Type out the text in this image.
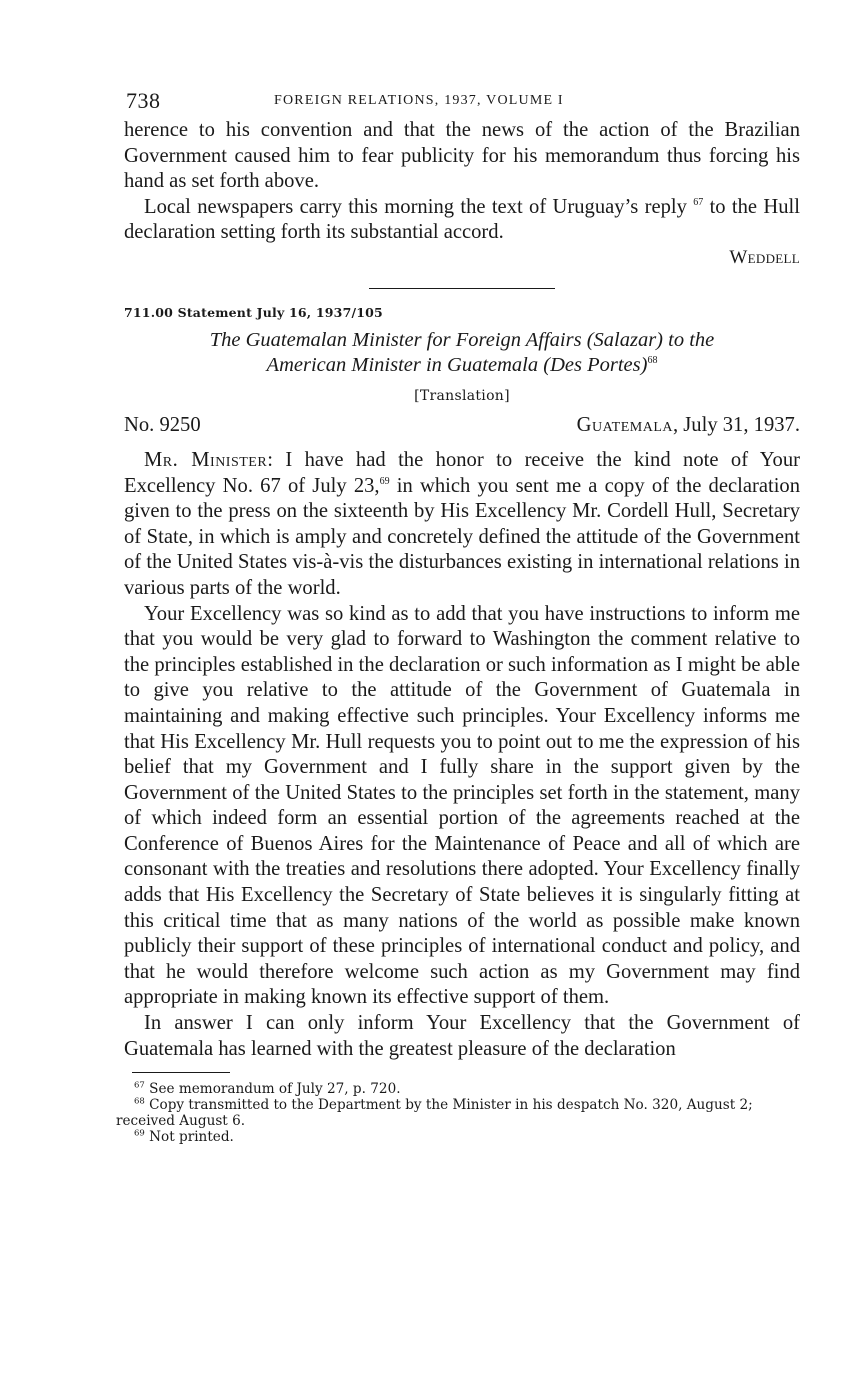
738	FOREIGN RELATIONS, 1937, VOLUME I

herence to his convention and that the news of the action of the Brazilian Government caused him to fear publicity for his memorandum thus forcing his hand as set forth above.

Local newspapers carry this morning the text of Uruguay’s reply $^{67}$ to the Hull declaration setting forth its substantial accord.

Weddell
711.00 Statement July 16, 1937/105
The Guatemalan Minister for Foreign Affairs (Salazar) to the
American Minister in Guatemala (Des Portes)$^{68}$
[Translation]
No. 9250	Guatemala, July 31, 1937.

Mr. Minister: I have had the honor to receive the kind note of Your Excellency No. 67 of July 23,69 in which you sent me a copy of the declaration given to the press on the sixteenth by His Excellency Mr. Cordell Hull, Secretary of State, in which is amply and concretely defined the attitude of the Government of the United States vis-à-vis the disturbances existing in international relations in various parts of the world.

Your Excellency was so kind as to add that you have instructions to inform me that you would be very glad to forward to Washington the comment relative to the principles established in the declaration or such information as I might be able to give you relative to the attitude of the Government of Guatemala in maintaining and making effective such principles. Your Excellency informs me that His Excellency Mr. Hull requests you to point out to me the expression of his belief that my Government and I fully share in the support given by the Government of the United States to the principles set forth in the statement, many of which indeed form an essential portion of the agreements reached at the Conference of Buenos Aires for the Maintenance of Peace and all of which are consonant with the treaties and resolutions there adopted. Your Excellency finally adds that His Excellency the Secretary of State believes it is singularly fitting at this critical time that as many nations of the world as possible make known publicly their support of these principles of international conduct and policy, and that he would therefore welcome such action as my Government may find appropriate in making known its effective support of them.

In answer I can only inform Your Excellency that the Government of Guatemala has learned with the greatest pleasure of the declaration

$^{67}$ See memorandum of July 27, p. 720.

$^{68}$ Copy transmitted to the Department by the Minister in his despatch No. 320, August 2; received August 6.

$^{69}$ Not printed.
